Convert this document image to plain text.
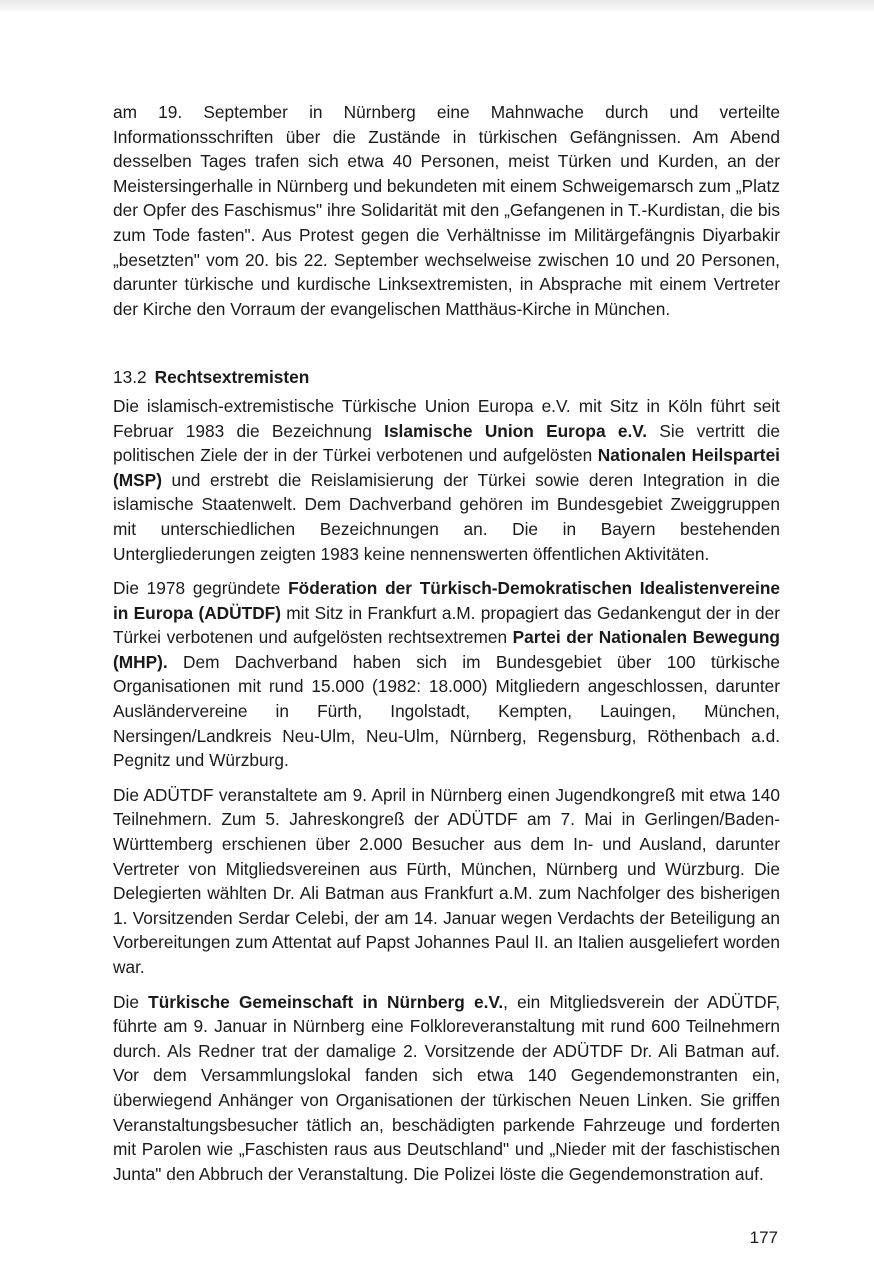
am 19. September in Nürnberg eine Mahnwache durch und verteilte Informationsschriften über die Zustände in türkischen Gefängnissen. Am Abend desselben Tages trafen sich etwa 40 Personen, meist Türken und Kurden, an der Meistersingerhalle in Nürnberg und bekundeten mit einem Schweigemarsch zum „Platz der Opfer des Faschismus" ihre Solidarität mit den „Gefangenen in T.-Kurdistan, die bis zum Tode fasten". Aus Protest gegen die Verhältnisse im Militärgefängnis Diyarbakir „besetzten" vom 20. bis 22. September wechselweise zwischen 10 und 20 Personen, darunter türkische und kurdische Linksextremisten, in Absprache mit einem Vertreter der Kirche den Vorraum der evangelischen Matthäus-Kirche in München.

13.2 Rechtsextremisten

Die islamisch-extremistische Türkische Union Europa e.V. mit Sitz in Köln führt seit Februar 1983 die Bezeichnung Islamische Union Europa e.V. Sie vertritt die politischen Ziele der in der Türkei verbotenen und aufgelösten Nationalen Heilspartei (MSP) und erstrebt die Reislamisierung der Türkei sowie deren Integration in die islamische Staatenwelt. Dem Dachverband gehören im Bundesgebiet Zweiggruppen mit unterschiedlichen Bezeichnungen an. Die in Bayern bestehenden Untergliederungen zeigten 1983 keine nennenswerten öffentlichen Aktivitäten.

Die 1978 gegründete Föderation der Türkisch-Demokratischen Idealistenvereine in Europa (ADÜTDF) mit Sitz in Frankfurt a.M. propagiert das Gedankengut der in der Türkei verbotenen und aufgelösten rechtsextremen Partei der Nationalen Bewegung (MHP). Dem Dachverband haben sich im Bundesgebiet über 100 türkische Organisationen mit rund 15.000 (1982: 18.000) Mitgliedern angeschlossen, darunter Ausländervereine in Fürth, Ingolstadt, Kempten, Lauingen, München, Nersingen/Landkreis Neu-Ulm, Neu-Ulm, Nürnberg, Regensburg, Röthenbach a.d. Pegnitz und Würzburg.

Die ADÜTDF veranstaltete am 9. April in Nürnberg einen Jugendkongreß mit etwa 140 Teilnehmern. Zum 5. Jahreskongreß der ADÜTDF am 7. Mai in Gerlingen/Baden-Württemberg erschienen über 2.000 Besucher aus dem In- und Ausland, darunter Vertreter von Mitgliedsvereinen aus Fürth, München, Nürnberg und Würzburg. Die Delegierten wählten Dr. Ali Batman aus Frankfurt a.M. zum Nachfolger des bisherigen 1. Vorsitzenden Serdar Celebi, der am 14. Januar wegen Verdachts der Beteiligung an Vorbereitungen zum Attentat auf Papst Johannes Paul II. an Italien ausgeliefert worden war.

Die Türkische Gemeinschaft in Nürnberg e.V., ein Mitgliedsverein der ADÜTDF, führte am 9. Januar in Nürnberg eine Folkloreveranstaltung mit rund 600 Teilnehmern durch. Als Redner trat der damalige 2. Vorsitzende der ADÜTDF Dr. Ali Batman auf. Vor dem Versammlungslokal fanden sich etwa 140 Gegendemonstranten ein, überwiegend Anhänger von Organisationen der türkischen Neuen Linken. Sie griffen Veranstaltungsbesucher tätlich an, beschädigten parkende Fahrzeuge und forderten mit Parolen wie „Faschisten raus aus Deutschland" und „Nieder mit der faschistischen Junta" den Abbruch der Veranstaltung. Die Polizei löste die Gegendemonstration auf.

177
